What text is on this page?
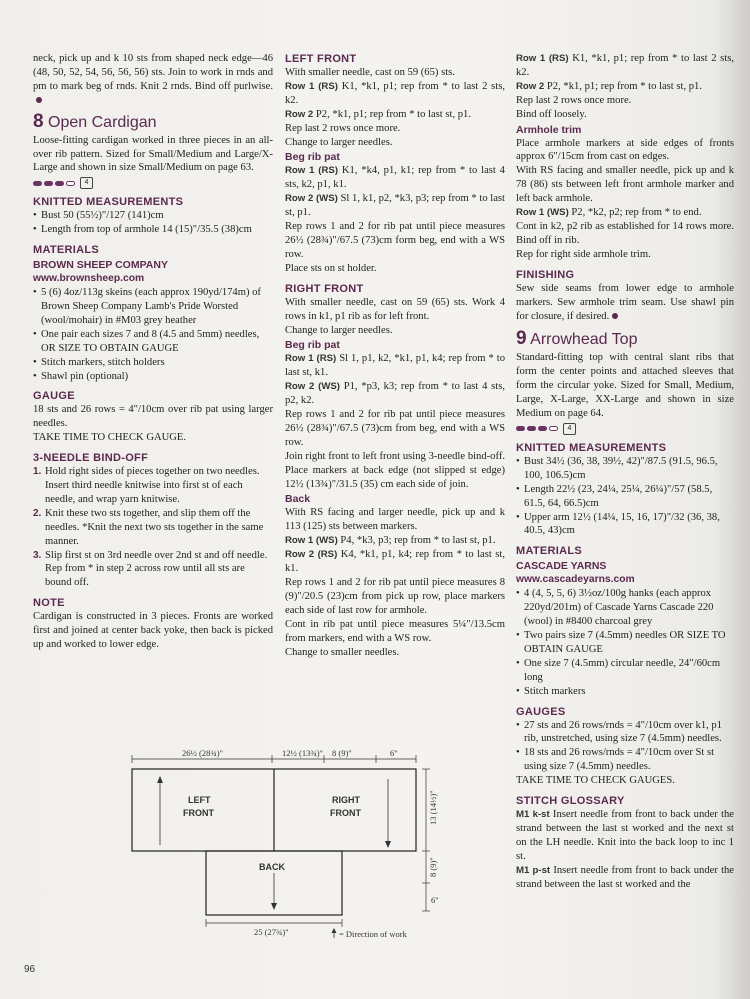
neck, pick up and k 10 sts from shaped neck edge—46 (48, 50, 52, 54, 56, 56, 56) sts. Join to work in rnds and pm to mark beg of rnds. Knit 2 rnds. Bind off purlwise.

8 Open Cardigan

Loose-fitting cardigan worked in three pieces in an all-over rib pattern. Sized for Small/Medium and Large/X-Large and shown in size Small/Medium on page 63.

4
KNITTED MEASUREMENTS
• Bust 50 (55½)"/127 (141)cm
• Length from top of armhole 14 (15)"/35.5 (38)cm
MATERIALS
BROWN SHEEP COMPANY
www.brownsheep.com
• 5 (6) 4oz/113g skeins (each approx 190yd/174m) of Brown Sheep Company Lamb's Pride Worsted (wool/mohair) in #M03 grey heather
• One pair each sizes 7 and 8 (4.5 and 5mm) needles, OR SIZE TO OBTAIN GAUGE
• Stitch markers, stitch holders
• Shawl pin (optional)
GAUGE

18 sts and 26 rows = 4"/10cm over rib pat using larger needles.

TAKE TIME TO CHECK GAUGE.

3-NEEDLE BIND-OFF
1. Hold right sides of pieces together on two needles. Insert third needle knitwise into first st of each needle, and wrap yarn knitwise.
2. Knit these two sts together, and slip them off the needles. *Knit the next two sts together in the same manner.
3. Slip first st on 3rd needle over 2nd st and off needle. Rep from * in step 2 across row until all sts are bound off.
NOTE

Cardigan is constructed in 3 pieces. Fronts are worked first and joined at center back yoke, then back is picked up and worked to lower edge.

LEFT FRONT

With smaller needle, cast on 59 (65) sts.

Row 1 (RS) K1, *k1, p1; rep from * to last 2 sts, k2.

Row 2 P2, *k1, p1; rep from * to last st, p1.

Rep last 2 rows once more.

Change to larger needles.

Beg rib pat

Row 1 (RS) K1, *k4, p1, k1; rep from * to last 4 sts, k2, p1, k1.

Row 2 (WS) Sl 1, k1, p2, *k3, p3; rep from * to last st, p1.

Rep rows 1 and 2 for rib pat until piece measures 26½ (28¾)"/67.5 (73)cm form beg, end with a WS row.

Place sts on st holder.

RIGHT FRONT

With smaller needle, cast on 59 (65) sts. Work 4 rows in k1, p1 rib as for left front.

Change to larger needles.

Beg rib pat

Row 1 (RS) Sl 1, p1, k2, *k1, p1, k4; rep from * to last st, k1.

Row 2 (WS) P1, *p3, k3; rep from * to last 4 sts, p2, k2.

Rep rows 1 and 2 for rib pat until piece measures 26½ (28¾)"/67.5 (73)cm from beg, end with a WS row.

Join right front to left front using 3-needle bind-off. Place markers at back edge (not slipped st edge) 12½ (13¾)"/31.5 (35) cm each side of join.

Back

With RS facing and larger needle, pick up and k 113 (125) sts between markers.

Row 1 (WS) P4, *k3, p3; rep from * to last st, p1.

Row 2 (RS) K4, *k1, p1, k4; rep from * to last st, k1.

Rep rows 1 and 2 for rib pat until piece measures 8 (9)"/20.5 (23)cm from pick up row, place markers each side of last row for armhole.

Cont in rib pat until piece measures 5¼"/13.5cm from markers, end with a WS row.

Change to smaller needles.

Row 1 (RS) K1, *k1, p1; rep from * to last 2 sts, k2.

Row 2 P2, *k1, p1; rep from * to last st, p1.

Rep last 2 rows once more.

Bind off loosely.

Armhole trim

Place armhole markers at side edges of fronts approx 6"/15cm from cast on edges.

With RS facing and smaller needle, pick up and k 78 (86) sts between left front armhole marker and left back armhole.

Row 1 (WS) P2, *k2, p2; rep from * to end.

Cont in k2, p2 rib as established for 14 rows more. Bind off in rib.

Rep for right side armhole trim.

FINISHING

Sew side seams from lower edge to armhole markers. Sew armhole trim seam. Use shawl pin for closure, if desired.

9 Arrowhead Top

Standard-fitting top with central slant ribs that form the center points and attached sleeves that form the circular yoke. Sized for Small, Medium, Large, X-Large, XX-Large and shown in size Medium on page 64.

4
KNITTED MEASUREMENTS
• Bust 34½ (36, 38, 39½, 42)"/87.5 (91.5, 96.5, 100, 106.5)cm
• Length 22½ (23, 24¼, 25¼, 26¼)"/57 (58.5, 61.5, 64, 66.5)cm
• Upper arm 12½ (14¼, 15, 16, 17)"/32 (36, 38, 40.5, 43)cm
MATERIALS
CASCADE YARNS
www.cascadeyarns.com
• 4 (4, 5, 5, 6) 3½oz/100g hanks (each approx 220yd/201m) of Cascade Yarns Cascade 220 (wool) in #8400 charcoal grey
• Two pairs size 7 (4.5mm) needles OR SIZE TO OBTAIN GAUGE
• One size 7 (4.5mm) circular needle, 24"/60cm long
• Stitch markers
GAUGES
• 27 sts and 26 rows/rnds = 4"/10cm over k1, p1 rib, unstretched, using size 7 (4.5mm) needles.
• 18 sts and 26 rows/rnds = 4"/10cm over St st using size 7 (4.5mm) needles.

TAKE TIME TO CHECK GAUGES.

STITCH GLOSSARY

M1 k-st Insert needle from front to back under the strand between the last st worked and the next st on the LH needle. Knit into the back loop to inc 1 st.

M1 p-st Insert needle from front to back under the strand between the last st worked and the

26½ (28¾)"	12½ (13¾)" 8 (9)"	6"
LEFT
FRONT
RIGHT
FRONT
BACK
13 (14½)"
8 (9)"
6"
25 (27¾)"	= Direction of work
96
